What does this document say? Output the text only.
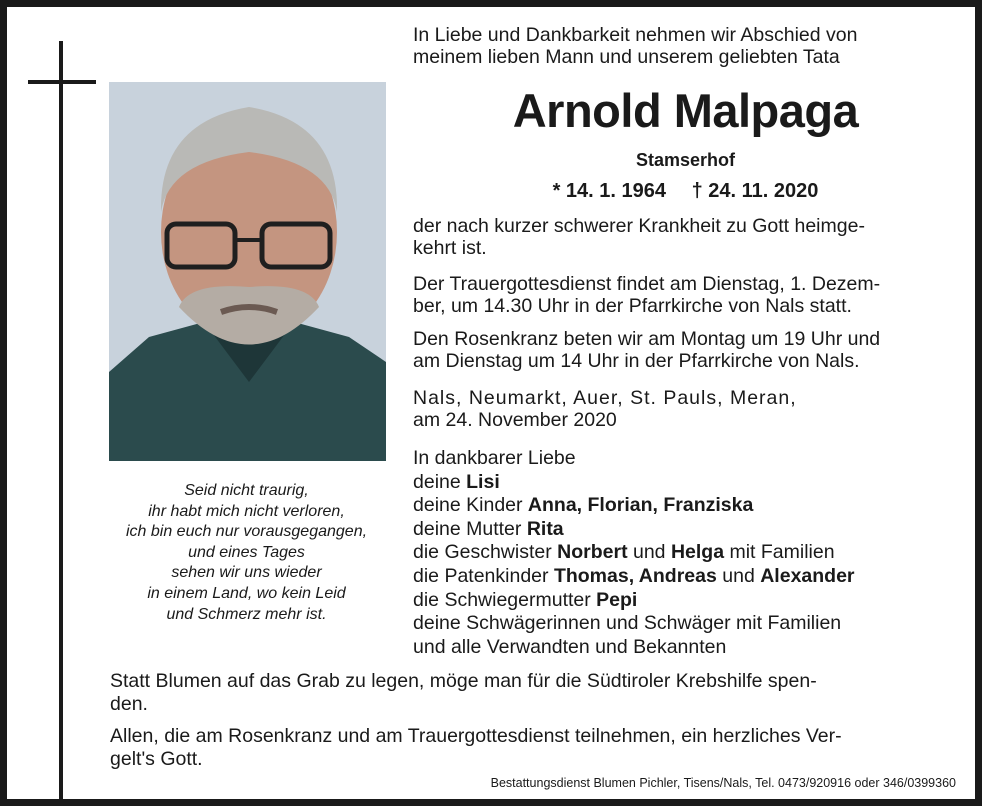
Seid nicht traurig,
ihr habt mich nicht verloren,
ich bin euch nur vorausgegangen,
und eines Tages
sehen wir uns wieder
in einem Land, wo kein Leid
und Schmerz mehr ist.
In Liebe und Dankbarkeit nehmen wir Abschied von
meinem lieben Mann und unserem geliebten Tata
Arnold Malpaga
Stamserhof
* 14. 1. 1964 † 24. 11. 2020
der nach kurzer schwerer Krankheit zu Gott heimge-
kehrt ist.
Der Trauergottesdienst findet am Dienstag, 1. Dezem-
ber, um 14.30 Uhr in der Pfarrkirche von Nals statt.
Den Rosenkranz beten wir am Montag um 19 Uhr und
am Dienstag um 14 Uhr in der Pfarrkirche von Nals.
Nals, Neumarkt, Auer, St. Pauls, Meran,
am 24. November 2020
In dankbarer Liebe
deine Lisi
deine Kinder Anna, Florian, Franziska
deine Mutter Rita
die Geschwister Norbert und Helga mit Familien
die Patenkinder Thomas, Andreas und Alexander
die Schwiegermutter Pepi
deine Schwägerinnen und Schwäger mit Familien
und alle Verwandten und Bekannten
Statt Blumen auf das Grab zu legen, möge man für die Südtiroler Krebshilfe spen-
den.
Allen, die am Rosenkranz und am Trauergottesdienst teilnehmen, ein herzliches Ver-
gelt's Gott.
Bestattungsdienst Blumen Pichler, Tisens/Nals, Tel. 0473/920916 oder 346/0399360
